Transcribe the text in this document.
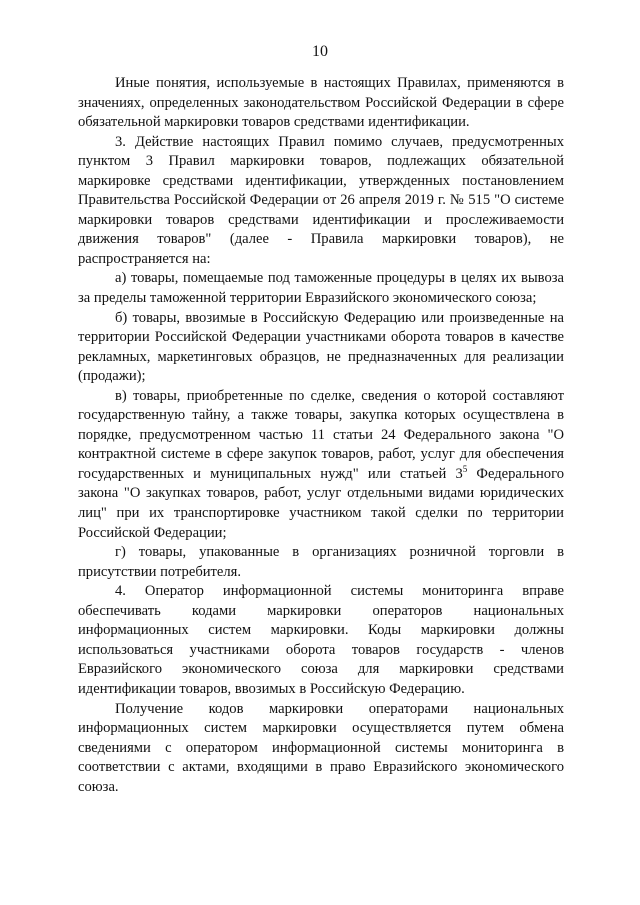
10

Иные понятия, используемые в настоящих Правилах, применяются в значениях, определенных законодательством Российской Федерации в сфере обязательной маркировки товаров средствами идентификации.

3. Действие настоящих Правил помимо случаев, предусмотренных пунктом 3 Правил маркировки товаров, подлежащих обязательной маркировке средствами идентификации, утвержденных постановлением Правительства Российской Федерации от 26 апреля 2019 г. № 515 "О системе маркировки товаров средствами идентификации и прослеживаемости движения товаров" (далее - Правила маркировки товаров), не распространяется на:

а) товары, помещаемые под таможенные процедуры в целях их вывоза за пределы таможенной территории Евразийского экономического союза;

б) товары, ввозимые в Российскую Федерацию или произведенные на территории Российской Федерации участниками оборота товаров в качестве рекламных, маркетинговых образцов, не предназначенных для реализации (продажи);

в) товары, приобретенные по сделке, сведения о которой составляют государственную тайну, а также товары, закупка которых осуществлена в порядке, предусмотренном частью 11 статьи 24 Федерального закона "О контрактной системе в сфере закупок товаров, работ, услуг для обеспечения государственных и муниципальных нужд" или статьей 3$^5$ Федерального закона "О закупках товаров, работ, услуг отдельными видами юридических лиц" при их транспортировке участником такой сделки по территории Российской Федерации;

г) товары, упакованные в организациях розничной торговли в присутствии потребителя.

4. Оператор информационной системы мониторинга вправе обеспечивать кодами маркировки операторов национальных информационных систем маркировки. Коды маркировки должны использоваться участниками оборота товаров государств - членов Евразийского экономического союза для маркировки средствами идентификации товаров, ввозимых в Российскую Федерацию.

Получение кодов маркировки операторами национальных информационных систем маркировки осуществляется путем обмена сведениями с оператором информационной системы мониторинга в соответствии с актами, входящими в право Евразийского экономического союза.
